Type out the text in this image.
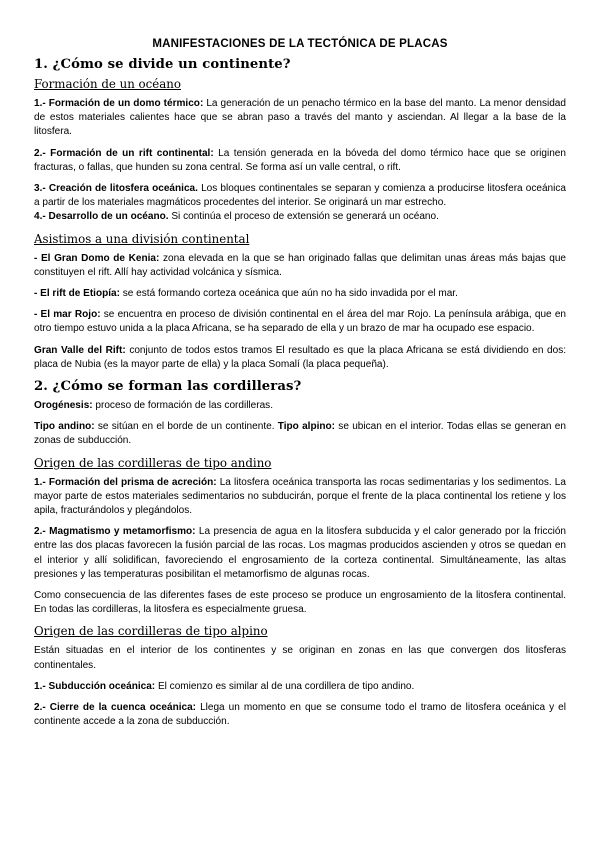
MANIFESTACIONES DE LA TECTÓNICA DE PLACAS
1. ¿Cómo se divide un continente?
Formación de un océano

1.- Formación de un domo térmico: La generación de un penacho térmico en la base del manto. La menor densidad de estos materiales calientes hace que se abran paso a través del manto y asciendan. Al llegar a la base de la litosfera.

2.- Formación de un rift continental: La tensión generada en la bóveda del domo térmico hace que se originen fracturas, o fallas, que hunden su zona central. Se forma así un valle central, o rift.

3.- Creación de litosfera oceánica. Los bloques continentales se separan y comienza a producirse litosfera oceánica a partir de los materiales magmáticos procedentes del interior. Se originará un mar estrecho.

4.- Desarrollo de un océano. Si continúa el proceso de extensión se generará un océano.

Asistimos a una división continental

- El Gran Domo de Kenia: zona elevada en la que se han originado fallas que delimitan unas áreas más bajas que constituyen el rift. Allí hay actividad volcánica y sísmica.

- El rift de Etiopía: se está formando corteza oceánica que aún no ha sido invadida por el mar.

- El mar Rojo: se encuentra en proceso de división continental en el área del mar Rojo. La península arábiga, que en otro tiempo estuvo unida a la placa Africana, se ha separado de ella y un brazo de mar ha ocupado ese espacio.

Gran Valle del Rift: conjunto de todos estos tramos El resultado es que la placa Africana se está dividiendo en dos: placa de Nubia (es la mayor parte de ella) y la placa Somalí (la placa pequeña).

2. ¿Cómo se forman las cordilleras?

Orogénesis: proceso de formación de las cordilleras.

Tipo andino: se sitúan en el borde de un continente. Tipo alpino: se ubican en el interior. Todas ellas se generan en zonas de subducción.

Origen de las cordilleras de tipo andino

1.- Formación del prisma de acreción: La litosfera oceánica transporta las rocas sedimentarias y los sedimentos. La mayor parte de estos materiales sedimentarios no subducirán, porque el frente de la placa continental los retiene y los apila, fracturándolos y plegándolos.

2.- Magmatismo y metamorfismo: La presencia de agua en la litosfera subducida y el calor generado por la fricción entre las dos placas favorecen la fusión parcial de las rocas. Los magmas producidos ascienden y otros se quedan en el interior y allí solidifican, favoreciendo el engrosamiento de la corteza continental. Simultáneamente, las altas presiones y las temperaturas posibilitan el metamorfismo de algunas rocas.

Como consecuencia de las diferentes fases de este proceso se produce un engrosamiento de la litosfera continental. En todas las cordilleras, la litosfera es especialmente gruesa.

Origen de las cordilleras de tipo alpino

Están situadas en el interior de los continentes y se originan en zonas en las que convergen dos litosferas continentales.

1.- Subducción oceánica: El comienzo es similar al de una cordillera de tipo andino.

2.- Cierre de la cuenca oceánica: Llega un momento en que se consume todo el tramo de litosfera oceánica y el continente accede a la zona de subducción.
